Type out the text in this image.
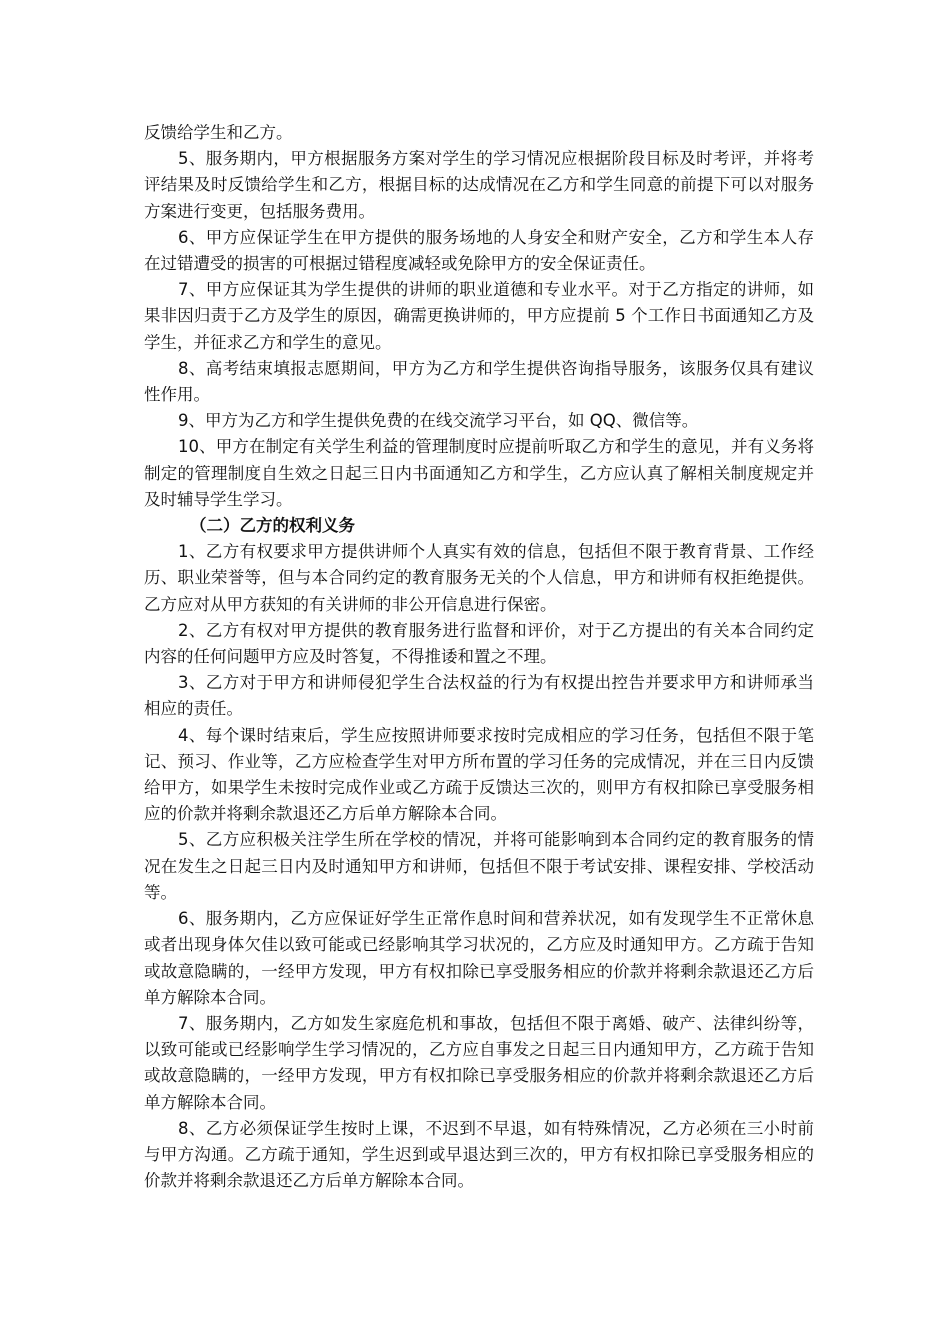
反馈给学生和乙方。

5、服务期内，甲方根据服务方案对学生的学习情况应根据阶段目标及时考评，并将考评结果及时反馈给学生和乙方，根据目标的达成情况在乙方和学生同意的前提下可以对服务方案进行变更，包括服务费用。

6、甲方应保证学生在甲方提供的服务场地的人身安全和财产安全，乙方和学生本人存在过错遭受的损害的可根据过错程度减轻或免除甲方的安全保证责任。

7、甲方应保证其为学生提供的讲师的职业道德和专业水平。对于乙方指定的讲师，如果非因归责于乙方及学生的原因，确需更换讲师的，甲方应提前 5 个工作日书面通知乙方及学生，并征求乙方和学生的意见。

8、高考结束填报志愿期间，甲方为乙方和学生提供咨询指导服务，该服务仅具有建议性作用。

9、甲方为乙方和学生提供免费的在线交流学习平台，如 QQ、微信等。

10、甲方在制定有关学生利益的管理制度时应提前听取乙方和学生的意见，并有义务将制定的管理制度自生效之日起三日内书面通知乙方和学生，乙方应认真了解相关制度规定并及时辅导学生学习。

（二）乙方的权利义务

1、乙方有权要求甲方提供讲师个人真实有效的信息，包括但不限于教育背景、工作经历、职业荣誉等，但与本合同约定的教育服务无关的个人信息，甲方和讲师有权拒绝提供。乙方应对从甲方获知的有关讲师的非公开信息进行保密。

2、乙方有权对甲方提供的教育服务进行监督和评价，对于乙方提出的有关本合同约定内容的任何问题甲方应及时答复，不得推诿和置之不理。

3、乙方对于甲方和讲师侵犯学生合法权益的行为有权提出控告并要求甲方和讲师承当相应的责任。

4、每个课时结束后，学生应按照讲师要求按时完成相应的学习任务，包括但不限于笔记、预习、作业等，乙方应检查学生对甲方所布置的学习任务的完成情况，并在三日内反馈给甲方，如果学生未按时完成作业或乙方疏于反馈达三次的，则甲方有权扣除已享受服务相应的价款并将剩余款退还乙方后单方解除本合同。

5、乙方应积极关注学生所在学校的情况，并将可能影响到本合同约定的教育服务的情况在发生之日起三日内及时通知甲方和讲师，包括但不限于考试安排、课程安排、学校活动等。

6、服务期内，乙方应保证好学生正常作息时间和营养状况，如有发现学生不正常休息或者出现身体欠佳以致可能或已经影响其学习状况的，乙方应及时通知甲方。乙方疏于告知或故意隐瞒的，一经甲方发现，甲方有权扣除已享受服务相应的价款并将剩余款退还乙方后单方解除本合同。

7、服务期内，乙方如发生家庭危机和事故，包括但不限于离婚、破产、法律纠纷等，以致可能或已经影响学生学习情况的，乙方应自事发之日起三日内通知甲方，乙方疏于告知或故意隐瞒的，一经甲方发现，甲方有权扣除已享受服务相应的价款并将剩余款退还乙方后单方解除本合同。

8、乙方必须保证学生按时上课，不迟到不早退，如有特殊情况，乙方必须在三小时前与甲方沟通。乙方疏于通知，学生迟到或早退达到三次的，甲方有权扣除已享受服务相应的价款并将剩余款退还乙方后单方解除本合同。
